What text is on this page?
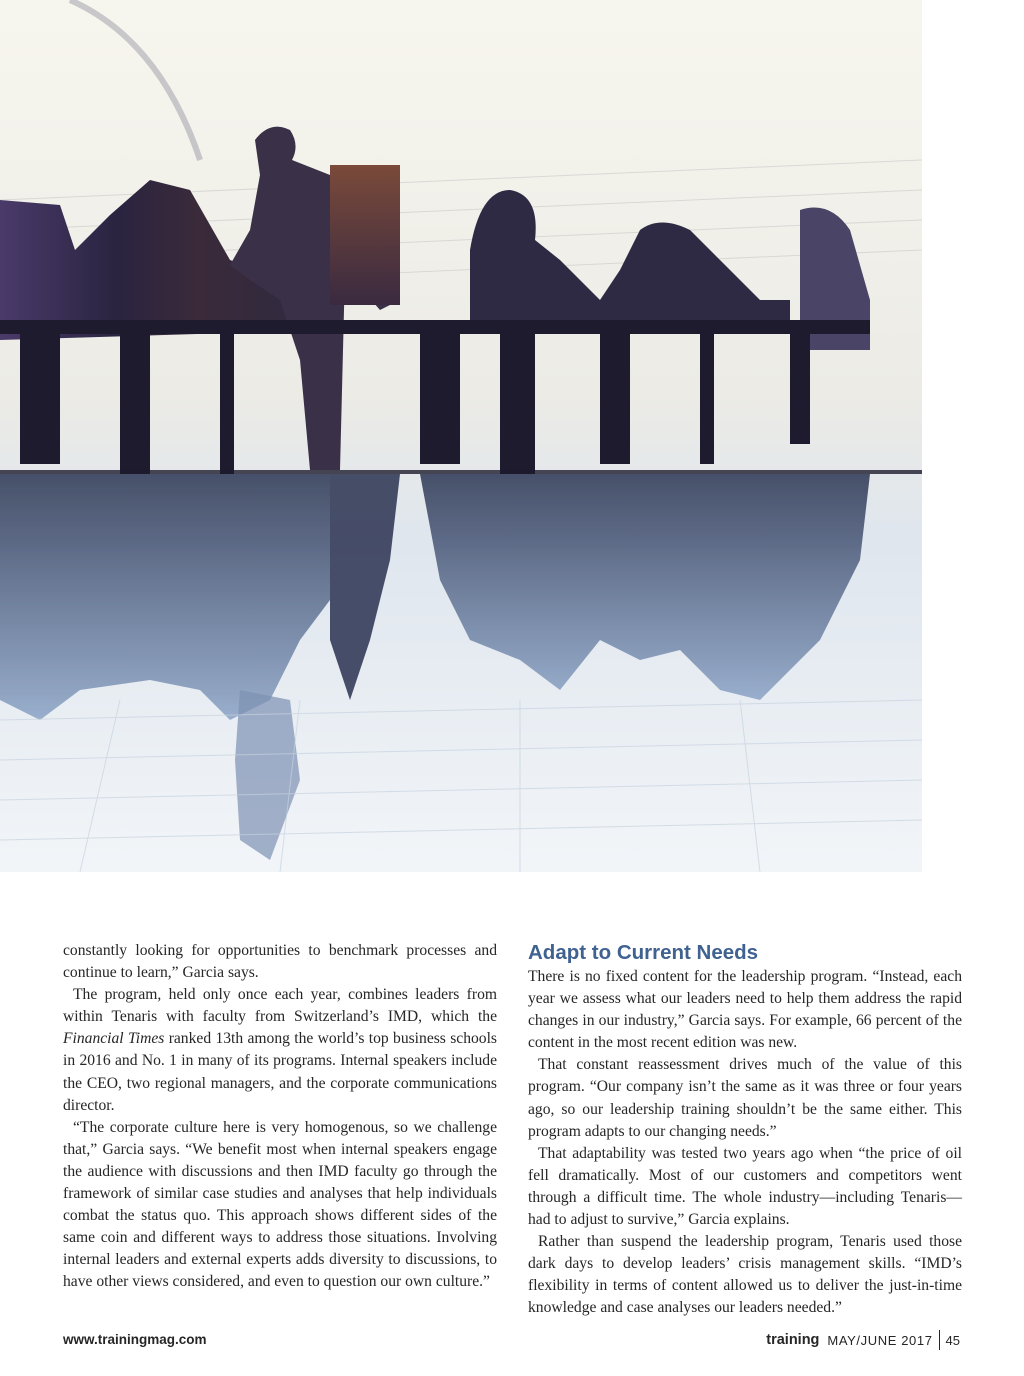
constantly looking for opportunities to benchmark processes and continue to learn,” Garcia says.

The program, held only once each year, combines leaders from within Tenaris with faculty from Switzerland’s IMD, which the Financial Times ranked 13th among the world’s top business schools in 2016 and No. 1 in many of its programs. Internal speakers include the CEO, two regional managers, and the corporate communications director.

“The corporate culture here is very homogenous, so we challenge that,” Garcia says. “We benefit most when internal speakers engage the audience with discussions and then IMD faculty go through the framework of similar case studies and analyses that help individuals combat the status quo. This approach shows different sides of the same coin and different ways to address those situations. Involving internal leaders and external experts adds diversity to discussions, to have other views considered, and even to question our own culture.”

Adapt to Current Needs

There is no fixed content for the leadership program. “Instead, each year we assess what our leaders need to help them address the rapid changes in our industry,” Garcia says. For example, 66 percent of the content in the most recent edition was new.

That constant reassessment drives much of the value of this program. “Our company isn’t the same as it was three or four years ago, so our leadership training shouldn’t be the same either. This program adapts to our changing needs.”

That adaptability was tested two years ago when “the price of oil fell dramatically. Most of our customers and competitors went through a difficult time. The whole industry—including Tenaris—had to adjust to survive,” Garcia explains.

Rather than suspend the leadership program, Tenaris used those dark days to develop leaders’ crisis management skills. “IMD’s flexibility in terms of content allowed us to deliver the just-in-time knowledge and case analyses our leaders needed.”

www.trainingmag.com	training MAY/JUNE 2017 45
